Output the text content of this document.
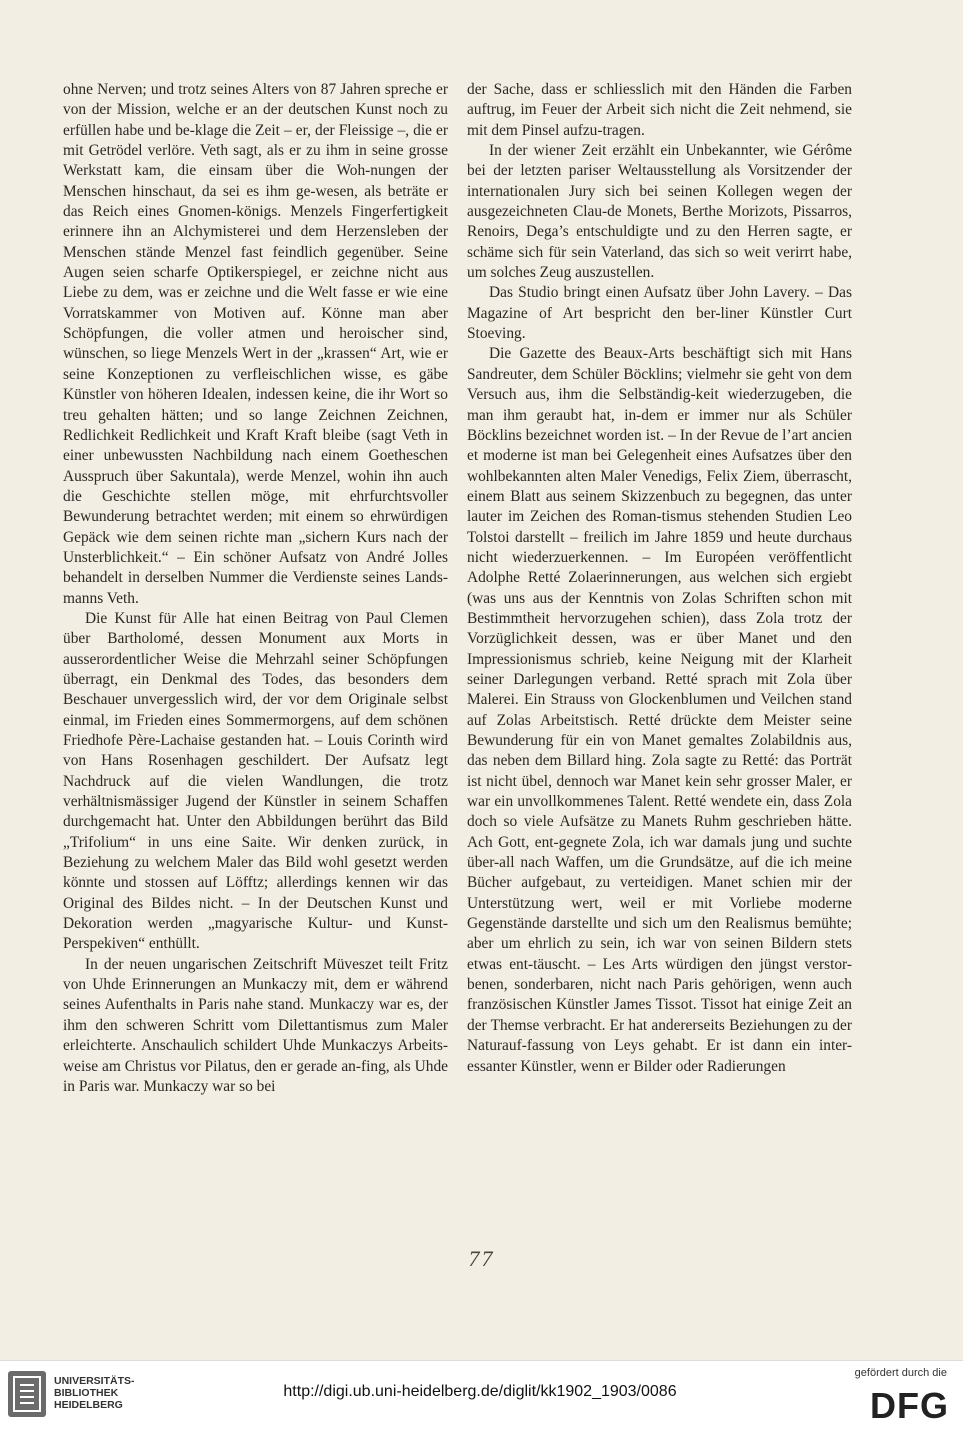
ohne Nerven; und trotz seines Alters von 87 Jahren spreche er von der Mission, welche er an der deutschen Kunst noch zu erfüllen habe und be-klage die Zeit – er, der Fleissige –, die er mit Getrödel verlöre. Veth sagt, als er zu ihm in seine grosse Werkstatt kam, die einsam über die Woh-nungen der Menschen hinschaut, da sei es ihm ge-wesen, als beträte er das Reich eines Gnomen-königs. Menzels Fingerfertigkeit erinnere ihn an Alchymisterei und dem Herzensleben der Menschen stände Menzel fast feindlich gegenüber. Seine Augen seien scharfe Optikerspiegel, er zeichne nicht aus Liebe zu dem, was er zeichne und die Welt fasse er wie eine Vorratskammer von Motiven auf. Könne man aber Schöpfungen, die voller atmen und heroischer sind, wünschen, so liege Menzels Wert in der „krassen“ Art, wie er seine Konzeptionen zu verfleischlichen wisse, es gäbe Künstler von höheren Idealen, indessen keine, die ihr Wort so treu gehalten hätten; und so lange Zeichnen Zeichnen, Redlichkeit Redlichkeit und Kraft Kraft bleibe (sagt Veth in einer unbewussten Nachbildung nach einem Goetheschen Ausspruch über Sakuntala), werde Menzel, wohin ihn auch die Geschichte stellen möge, mit ehrfurchtsvoller Bewunderung betrachtet werden; mit einem so ehrwürdigen Gepäck wie dem seinen richte man „sichern Kurs nach der Unsterblichkeit.“ – Ein schöner Aufsatz von André Jolles behandelt in derselben Nummer die Verdienste seines Lands-manns Veth.

Die Kunst für Alle hat einen Beitrag von Paul Clemen über Bartholomé, dessen Monument aux Morts in ausserordentlicher Weise die Mehrzahl seiner Schöpfungen überragt, ein Denkmal des Todes, das besonders dem Beschauer unvergesslich wird, der vor dem Originale selbst einmal, im Frieden eines Sommermorgens, auf dem schönen Friedhofe Père-Lachaise gestanden hat. – Louis Corinth wird von Hans Rosenhagen geschildert. Der Aufsatz legt Nachdruck auf die vielen Wandlungen, die trotz verhältnismässiger Jugend der Künstler in seinem Schaffen durchgemacht hat. Unter den Abbildungen berührt das Bild „Trifolium“ in uns eine Saite. Wir denken zurück, in Beziehung zu welchem Maler das Bild wohl gesetzt werden könnte und stossen auf Löfftz; allerdings kennen wir das Original des Bildes nicht. – In der Deutschen Kunst und Dekoration werden „magyarische Kultur- und Kunst-Perspekiven“ enthüllt.

In der neuen ungarischen Zeitschrift Müveszet teilt Fritz von Uhde Erinnerungen an Munkaczy mit, dem er während seines Aufenthalts in Paris nahe stand. Munkaczy war es, der ihm den schweren Schritt vom Dilettantismus zum Maler erleichterte. Anschaulich schildert Uhde Munkaczys Arbeits-weise am Christus vor Pilatus, den er gerade an-fing, als Uhde in Paris war. Munkaczy war so bei

der Sache, dass er schliesslich mit den Händen die Farben auftrug, im Feuer der Arbeit sich nicht die Zeit nehmend, sie mit dem Pinsel aufzu-tragen.

In der wiener Zeit erzählt ein Unbekannter, wie Gérôme bei der letzten pariser Weltausstellung als Vorsitzender der internationalen Jury sich bei seinen Kollegen wegen der ausgezeichneten Clau-de Monets, Berthe Morizots, Pissarros, Renoirs, Dega’s entschuldigte und zu den Herren sagte, er schäme sich für sein Vaterland, das sich so weit verirrt habe, um solches Zeug auszustellen.

Das Studio bringt einen Aufsatz über John Lavery. – Das Magazine of Art bespricht den ber-liner Künstler Curt Stoeving.

Die Gazette des Beaux-Arts beschäftigt sich mit Hans Sandreuter, dem Schüler Böcklins; vielmehr sie geht von dem Versuch aus, ihm die Selbständig-keit wiederzugeben, die man ihm geraubt hat, in-dem er immer nur als Schüler Böcklins bezeichnet worden ist. – In der Revue de l’art ancien et moderne ist man bei Gelegenheit eines Aufsatzes über den wohlbekannten alten Maler Venedigs, Felix Ziem, überrascht, einem Blatt aus seinem Skizzenbuch zu begegnen, das unter lauter im Zeichen des Roman-tismus stehenden Studien Leo Tolstoi darstellt – freilich im Jahre 1859 und heute durchaus nicht wiederzuerkennen. – Im Européen veröffentlicht Adolphe Retté Zolaerinnerungen, aus welchen sich ergiebt (was uns aus der Kenntnis von Zolas Schriften schon mit Bestimmtheit hervorzugehen schien), dass Zola trotz der Vorzüglichkeit dessen, was er über Manet und den Impressionismus schrieb, keine Neigung mit der Klarheit seiner Darlegungen verband. Retté sprach mit Zola über Malerei. Ein Strauss von Glockenblumen und Veilchen stand auf Zolas Arbeitstisch. Retté drückte dem Meister seine Bewunderung für ein von Manet gemaltes Zolabildnis aus, das neben dem Billard hing. Zola sagte zu Retté: das Porträt ist nicht übel, dennoch war Manet kein sehr grosser Maler, er war ein unvollkommenes Talent. Retté wendete ein, dass Zola doch so viele Aufsätze zu Manets Ruhm geschrieben hätte. Ach Gott, ent-gegnete Zola, ich war damals jung und suchte über-all nach Waffen, um die Grundsätze, auf die ich meine Bücher aufgebaut, zu verteidigen. Manet schien mir der Unterstützung wert, weil er mit Vorliebe moderne Gegenstände darstellte und sich um den Realismus bemühte; aber um ehrlich zu sein, ich war von seinen Bildern stets etwas ent-täuscht. – Les Arts würdigen den jüngst verstor-benen, sonderbaren, nicht nach Paris gehörigen, wenn auch französischen Künstler James Tissot. Tissot hat einige Zeit an der Themse verbracht. Er hat andererseits Beziehungen zu der Naturauf-fassung von Leys gehabt. Er ist dann ein inter-essanter Künstler, wenn er Bilder oder Radierungen

77
UNIVERSITÄTS-
BIBLIOTHEK
HEIDELBERG
http://digi.ub.uni-heidelberg.de/diglit/kk1902_1903/0086
gefördert durch die
DFG
